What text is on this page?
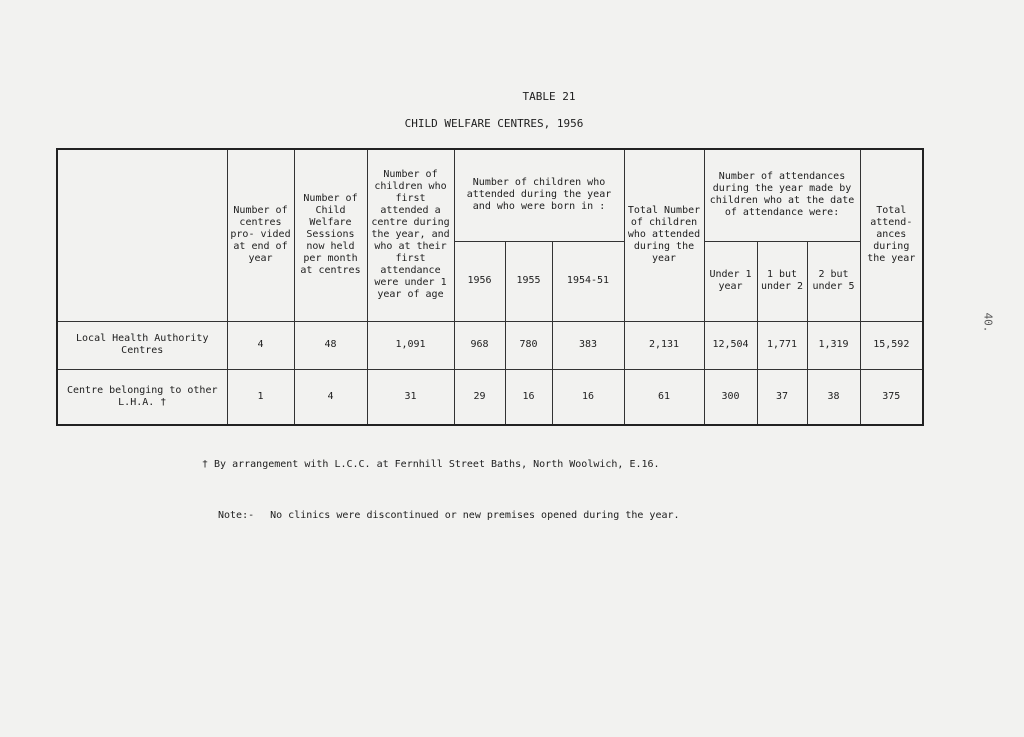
40.
TABLE 21
CHILD WELFARE CENTRES, 1956
	Number of centres pro- vided at end of year	Number of Child Welfare Sessions now held per month at centres	Number of children who first attended a centre during the year, and who at their first attendance were under 1 year of age	Number of children who attended during the year and who were born in :			Total Number of children who attended during the year	Number of attendances during the year made by children who at the date of attendance were:			Total attend- ances during the year
				1956	1955	1954-51		Under 1 year	1 but under 2	2 but under 5	
Local Health Authority Centres	4	48	1,091	968	780	383	2,131	12,504	1,771	1,319	15,592
Centre belonging to other L.H.A. †	1	4	31	29	16	16	61	300	37	38	375
† By arrangement with L.C.C. at Fernhill Street Baths, North Woolwich, E.16.
Note:- No clinics were discontinued or new premises opened during the year.
